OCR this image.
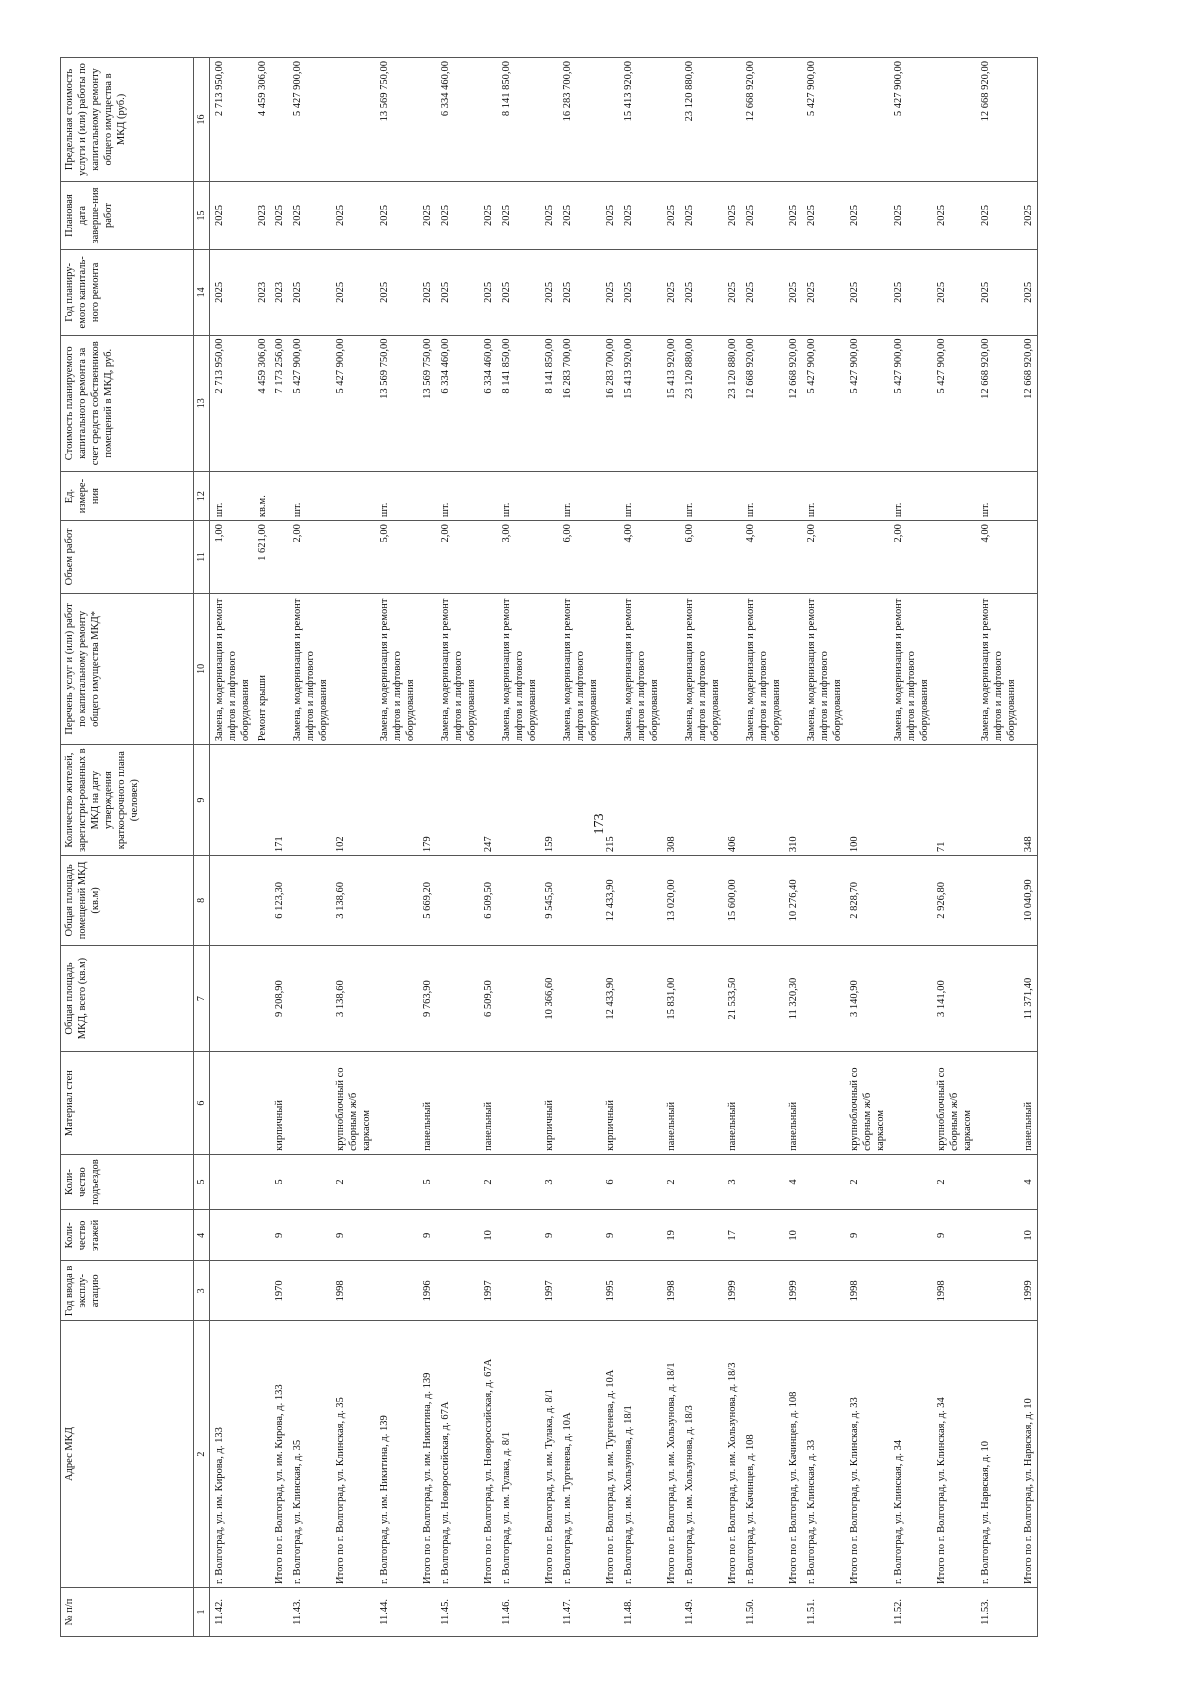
173
№ п/п	Адрес МКД	Год ввода в эксплу-атацию	Коли-чество этажей	Коли-чество подъездов	Материал стен	Общая площадь МКД, всего (кв.м)	Общая площадь помещений МКД (кв.м)	Количество жителей, зарегистри-рованных в МКД на дату утверждения краткосрочного плана (человек)	Перечень услуг и (или) работ по капитальному ремонту общего имущества МКД*	Объем работ	Ед. измере-ния	Стоимость планируемого капитального ремонта за счет средств собственников помещений в МКД, руб.	Год планиру-емого капиталь-ного ремонта	Плановая дата заверше-ния работ	Предельная стоимость услуги и (или) работы по капитальному ремонту общего имущества в МКД (руб.)
1	2	3	4	5	6	7	8	9	10	11	12	13	14	15	16
11.42.	г. Волгоград, ул. им. Кирова, д. 133								Замена, модернизация и ремонт лифтов и лифтового оборудования	1,00	шт.	2 713 950,00	2025	2025	2 713 950,00
									Ремонт крыши	1 621,00	кв.м.	4 459 306,00	2023	2023	4 459 306,00
	Итого по г. Волгоград, ул. им. Кирова, д. 133	1970	9	5	кирпичный	9 208,90	6 123,30	171				7 173 256,00	2023	2025	
11.43.	г. Волгоград, ул. Клинская, д. 35								Замена, модернизация и ремонт лифтов и лифтового оборудования	2,00	шт.	5 427 900,00	2025	2025	5 427 900,00
	Итого по г. Волгоград, ул. Клинская, д. 35	1998	9	2	крупноблочный со сборным ж/б каркасом	3 138,60	3 138,60	102				5 427 900,00	2025	2025	
11.44.	г. Волгоград, ул. им. Никитина, д. 139								Замена, модернизация и ремонт лифтов и лифтового оборудования	5,00	шт.	13 569 750,00	2025	2025	13 569 750,00
	Итого по г. Волгоград, ул. им. Никитина, д. 139	1996	9	5	панельный	9 763,90	5 669,20	179				13 569 750,00	2025	2025	
11.45.	г. Волгоград, ул. Новороссийская, д. 67А								Замена, модернизация и ремонт лифтов и лифтового оборудования	2,00	шт.	6 334 460,00	2025	2025	6 334 460,00
	Итого по г. Волгоград, ул. Новороссийская, д. 67А	1997	10	2	панельный	6 509,50	6 509,50	247				6 334 460,00	2025	2025	
11.46.	г. Волгоград, ул. им. Тулака, д. 8/1								Замена, модернизация и ремонт лифтов и лифтового оборудования	3,00	шт.	8 141 850,00	2025	2025	8 141 850,00
	Итого по г. Волгоград, ул. им. Тулака, д. 8/1	1997	9	3	кирпичный	10 366,60	9 545,50	159				8 141 850,00	2025	2025	
11.47.	г. Волгоград, ул. им. Тургенева, д. 10А								Замена, модернизация и ремонт лифтов и лифтового оборудования	6,00	шт.	16 283 700,00	2025	2025	16 283 700,00
	Итого по г. Волгоград, ул. им. Тургенева, д. 10А	1995	9	6	кирпичный	12 433,90	12 433,90	215				16 283 700,00	2025	2025	
11.48.	г. Волгоград, ул. им. Хользунова, д. 18/1								Замена, модернизация и ремонт лифтов и лифтового оборудования	4,00	шт.	15 413 920,00	2025	2025	15 413 920,00
	Итого по г. Волгоград, ул. им. Хользунова, д. 18/1	1998	19	2	панельный	15 831,00	13 020,00	308				15 413 920,00	2025	2025	
11.49.	г. Волгоград, ул. им. Хользунова, д. 18/3								Замена, модернизация и ремонт лифтов и лифтового оборудования	6,00	шт.	23 120 880,00	2025	2025	23 120 880,00
	Итого по г. Волгоград, ул. им. Хользунова, д. 18/3	1999	17	3	панельный	21 533,50	15 600,00	406				23 120 880,00	2025	2025	
11.50.	г. Волгоград, ул. Качинцев, д. 108								Замена, модернизация и ремонт лифтов и лифтового оборудования	4,00	шт.	12 668 920,00	2025	2025	12 668 920,00
	Итого по г. Волгоград, ул. Качинцев, д. 108	1999	10	4	панельный	11 320,30	10 276,40	310				12 668 920,00	2025	2025	
11.51.	г. Волгоград, ул. Клинская, д. 33								Замена, модернизация и ремонт лифтов и лифтового оборудования	2,00	шт.	5 427 900,00	2025	2025	5 427 900,00
	Итого по г. Волгоград, ул. Клинская, д. 33	1998	9	2	крупноблочный со сборным ж/б каркасом	3 140,90	2 828,70	100				5 427 900,00	2025	2025	
11.52.	г. Волгоград, ул. Клинская, д. 34								Замена, модернизация и ремонт лифтов и лифтового оборудования	2,00	шт.	5 427 900,00	2025	2025	5 427 900,00
	Итого по г. Волгоград, ул. Клинская, д. 34	1998	9	2	крупноблочный со сборным ж/б каркасом	3 141,00	2 926,80	71				5 427 900,00	2025	2025	
11.53.	г. Волгоград, ул. Нарвская, д. 10								Замена, модернизация и ремонт лифтов и лифтового оборудования	4,00	шт.	12 668 920,00	2025	2025	12 668 920,00
	Итого по г. Волгоград, ул. Нарвская, д. 10	1999	10	4	панельный	11 371,40	10 040,90	348				12 668 920,00	2025	2025	
